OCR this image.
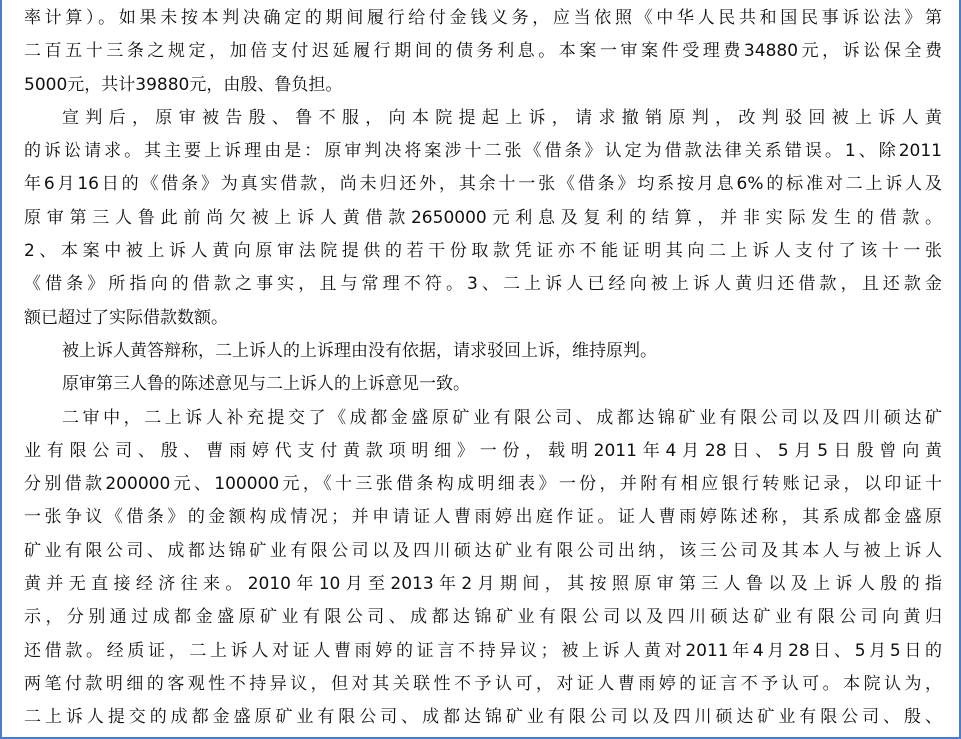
率计算）。如果未按本判决确定的期间履行给付金钱义务，应当依照《中华人民共和国民事诉讼法》第
二百五十三条之规定，加倍支付迟延履行期间的债务利息。本案一审案件受理费34880元，诉讼保全费
5000元，共计39880元，由殷、鲁负担。
宣判后，原审被告殷、鲁不服，向本院提起上诉，请求撤销原判，改判驳回被上诉人黄
的诉讼请求。其主要上诉理由是：原审判决将案涉十二张《借条》认定为借款法律关系错误。1、除2011
年6月16日的《借条》为真实借款，尚未归还外，其余十一张《借条》均系按月息6%的标准对二上诉人及
原审第三人鲁此前尚欠被上诉人黄借款2650000元利息及复利的结算，并非实际发生的借款。
2、本案中被上诉人黄向原审法院提供的若干份取款凭证亦不能证明其向二上诉人支付了该十一张
《借条》所指向的借款之事实，且与常理不符。3、二上诉人已经向被上诉人黄归还借款，且还款金
额已超过了实际借款数额。
被上诉人黄答辩称，二上诉人的上诉理由没有依据，请求驳回上诉，维持原判。
原审第三人鲁的陈述意见与二上诉人的上诉意见一致。
二审中，二上诉人补充提交了《成都金盛原矿业有限公司、成都达锦矿业有限公司以及四川硕达矿
业有限公司、殷、曹雨婷代支付黄款项明细》一份，载明2011年4月28日、5月5日殷曾向黄
分别借款200000元、100000元，《十三张借条构成明细表》一份，并附有相应银行转账记录，以印证十
一张争议《借条》的金额构成情况；并申请证人曹雨婷出庭作证。证人曹雨婷陈述称，其系成都金盛原
矿业有限公司、成都达锦矿业有限公司以及四川硕达矿业有限公司出纳，该三公司及其本人与被上诉人
黄并无直接经济往来。2010年10月至2013年2月期间，其按照原审第三人鲁以及上诉人殷的指
示，分别通过成都金盛原矿业有限公司、成都达锦矿业有限公司以及四川硕达矿业有限公司向黄归
还借款。经质证，二上诉人对证人曹雨婷的证言不持异议；被上诉人黄对2011年4月28日、5月5日的
两笔付款明细的客观性不持异议，但对其关联性不予认可，对证人曹雨婷的证言不予认可。本院认为，
二上诉人提交的成都金盛原矿业有限公司、成都达锦矿业有限公司以及四川硕达矿业有限公司、殷、
